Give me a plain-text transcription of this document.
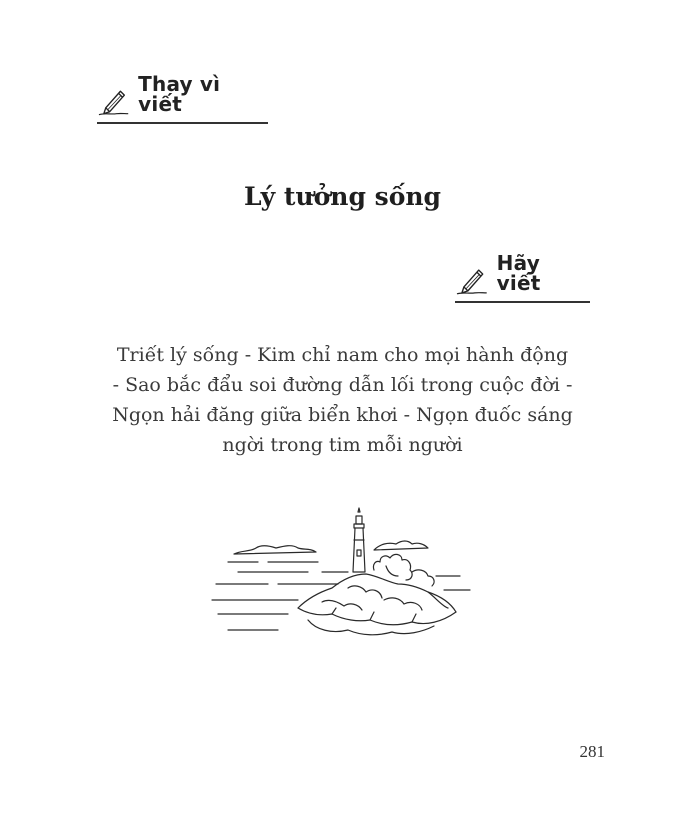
Thay vì viết
Lý tưởng sống
Hãy viết
Triết lý sống - Kim chỉ nam cho mọi hành động
- Sao bắc đẩu soi đường dẫn lối trong cuộc đời -
Ngọn hải đăng giữa biển khơi - Ngọn đuốc sáng
ngời trong tim mỗi người
281
